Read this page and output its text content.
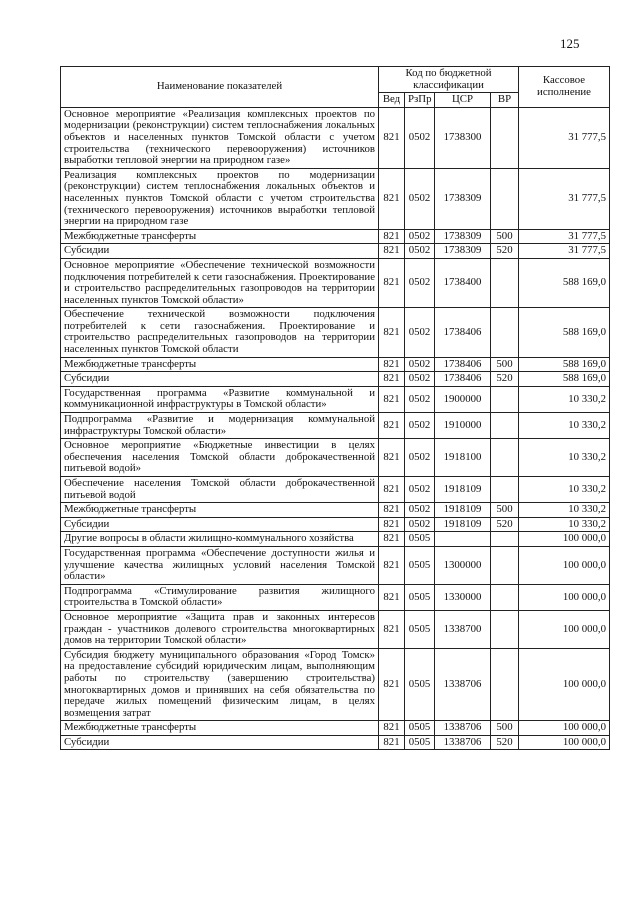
125
Наименование показателей	Код по бюджетной классификации				Кассовое исполнение
	Вед	РзПр	ЦСР	ВР	
Основное мероприятие «Реализация комплексных проектов по модернизации (реконструкции) систем теплоснабжения локальных объектов и населенных пунктов Томской области с учетом строительства (технического перевооружения) источников выработки тепловой энергии на природном газе»	821	0502	1738300		31 777,5
Реализация комплексных проектов по модернизации (реконструкции) систем теплоснабжения локальных объектов и населенных пунктов Томской области с учетом строительства (технического перевооружения) источников выработки тепловой энергии на природном газе	821	0502	1738309		31 777,5
Межбюджетные трансферты	821	0502	1738309	500	31 777,5
Субсидии	821	0502	1738309	520	31 777,5
Основное мероприятие «Обеспечение технической возможности подключения потребителей к сети газоснабжения. Проектирование и строительство распределительных газопроводов на территории населенных пунктов Томской области»	821	0502	1738400		588 169,0
Обеспечение технической возможности подключения потребителей к сети газоснабжения. Проектирование и строительство распределительных газопроводов на территории населенных пунктов Томской области	821	0502	1738406		588 169,0
Межбюджетные трансферты	821	0502	1738406	500	588 169,0
Субсидии	821	0502	1738406	520	588 169,0
Государственная программа «Развитие коммунальной и коммуникационной инфраструктуры в Томской области»	821	0502	1900000		10 330,2
Подпрограмма «Развитие и модернизация коммунальной инфраструктуры Томской области»	821	0502	1910000		10 330,2
Основное мероприятие «Бюджетные инвестиции в целях обеспечения населения Томской области доброкачественной питьевой водой»	821	0502	1918100		10 330,2
Обеспечение населения Томской области доброкачественной питьевой водой	821	0502	1918109		10 330,2
Межбюджетные трансферты	821	0502	1918109	500	10 330,2
Субсидии	821	0502	1918109	520	10 330,2
Другие вопросы в области жилищно-коммунального хозяйства	821	0505			100 000,0
Государственная программа «Обеспечение доступности жилья и улучшение качества жилищных условий населения Томской области»	821	0505	1300000		100 000,0
Подпрограмма «Стимулирование развития жилищного строительства в Томской области»	821	0505	1330000		100 000,0
Основное мероприятие «Защита прав и законных интересов граждан - участников долевого строительства многоквартирных домов на территории Томской области»	821	0505	1338700		100 000,0
Субсидия бюджету муниципального образования «Город Томск» на предоставление субсидий юридическим лицам, выполняющим работы по строительству (завершению строительства) многоквартирных домов и принявших на себя обязательства по передаче жилых помещений физическим лицам, в целях возмещения затрат	821	0505	1338706		100 000,0
Межбюджетные трансферты	821	0505	1338706	500	100 000,0
Субсидии	821	0505	1338706	520	100 000,0
